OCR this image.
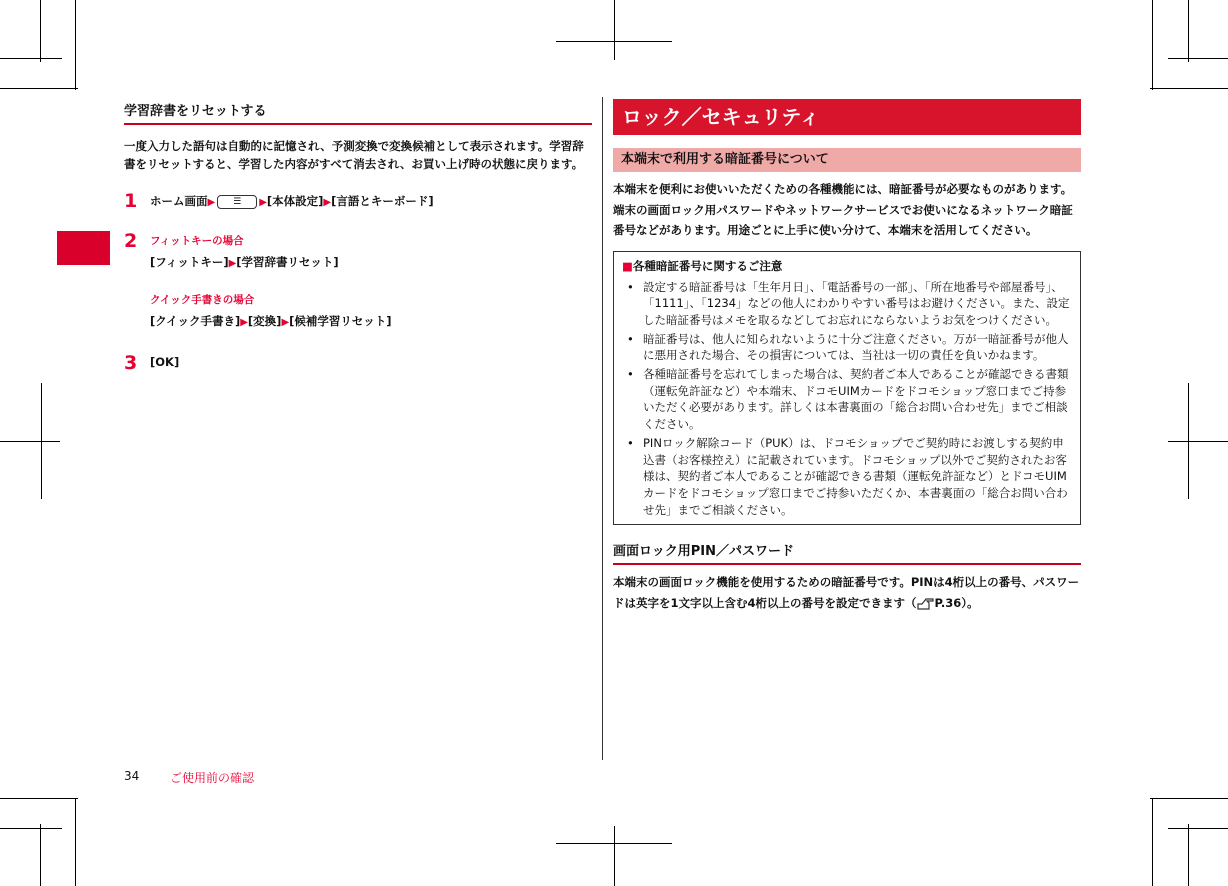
学習辞書をリセットする
一度入力した語句は自動的に記憶され、予測変換で変換候補として表示されます。学習辞書をリセットすると、学習した内容がすべて消去され、お買い上げ時の状態に戻ります。
1 ホーム画面▶ ☰ ▶[本体設定]▶[言語とキーボード]
2 フィットキーの場合
[フィットキー]▶[学習辞書リセット]
クイック手書きの場合
[クイック手書き]▶[変換]▶[候補学習リセット]
3 [OK]
ロック／セキュリティ
本端末で利用する暗証番号について
本端末を便利にお使いいただくための各種機能には、暗証番号が必要なものがあります。端末の画面ロック用パスワードやネットワークサービスでお使いになるネットワーク暗証番号などがあります。用途ごとに上手に使い分けて、本端末を活用してください。
■各種暗証番号に関するご注意
• 設定する暗証番号は「生年月日」、「電話番号の一部」、「所在地番号や部屋番号」、「1111」、「1234」などの他人にわかりやすい番号はお避けください。また、設定した暗証番号はメモを取るなどしてお忘れにならないようお気をつけください。
• 暗証番号は、他人に知られないように十分ご注意ください。万が一暗証番号が他人に悪用された場合、その損害については、当社は一切の責任を負いかねます。
• 各種暗証番号を忘れてしまった場合は、契約者ご本人であることが確認できる書類（運転免許証など）や本端末、ドコモUIMカードをドコモショップ窓口までご持参いただく必要があります。詳しくは本書裏面の「総合お問い合わせ先」までご相談ください。
• PINロック解除コード（PUK）は、ドコモショップでご契約時にお渡しする契約申込書（お客様控え）に記載されています。ドコモショップ以外でご契約されたお客様は、契約者ご本人であることが確認できる書類（運転免許証など）とドコモUIMカードをドコモショップ窓口までご持参いただくか、本書裏面の「総合お問い合わせ先」までご相談ください。
画面ロック用PIN／パスワード
本端末の画面ロック機能を使用するための暗証番号です。PINは4桁以上の番号、パスワードは英字を1文字以上含む4桁以上の番号を設定できます（ P.36）。
34	ご使用前の確認
